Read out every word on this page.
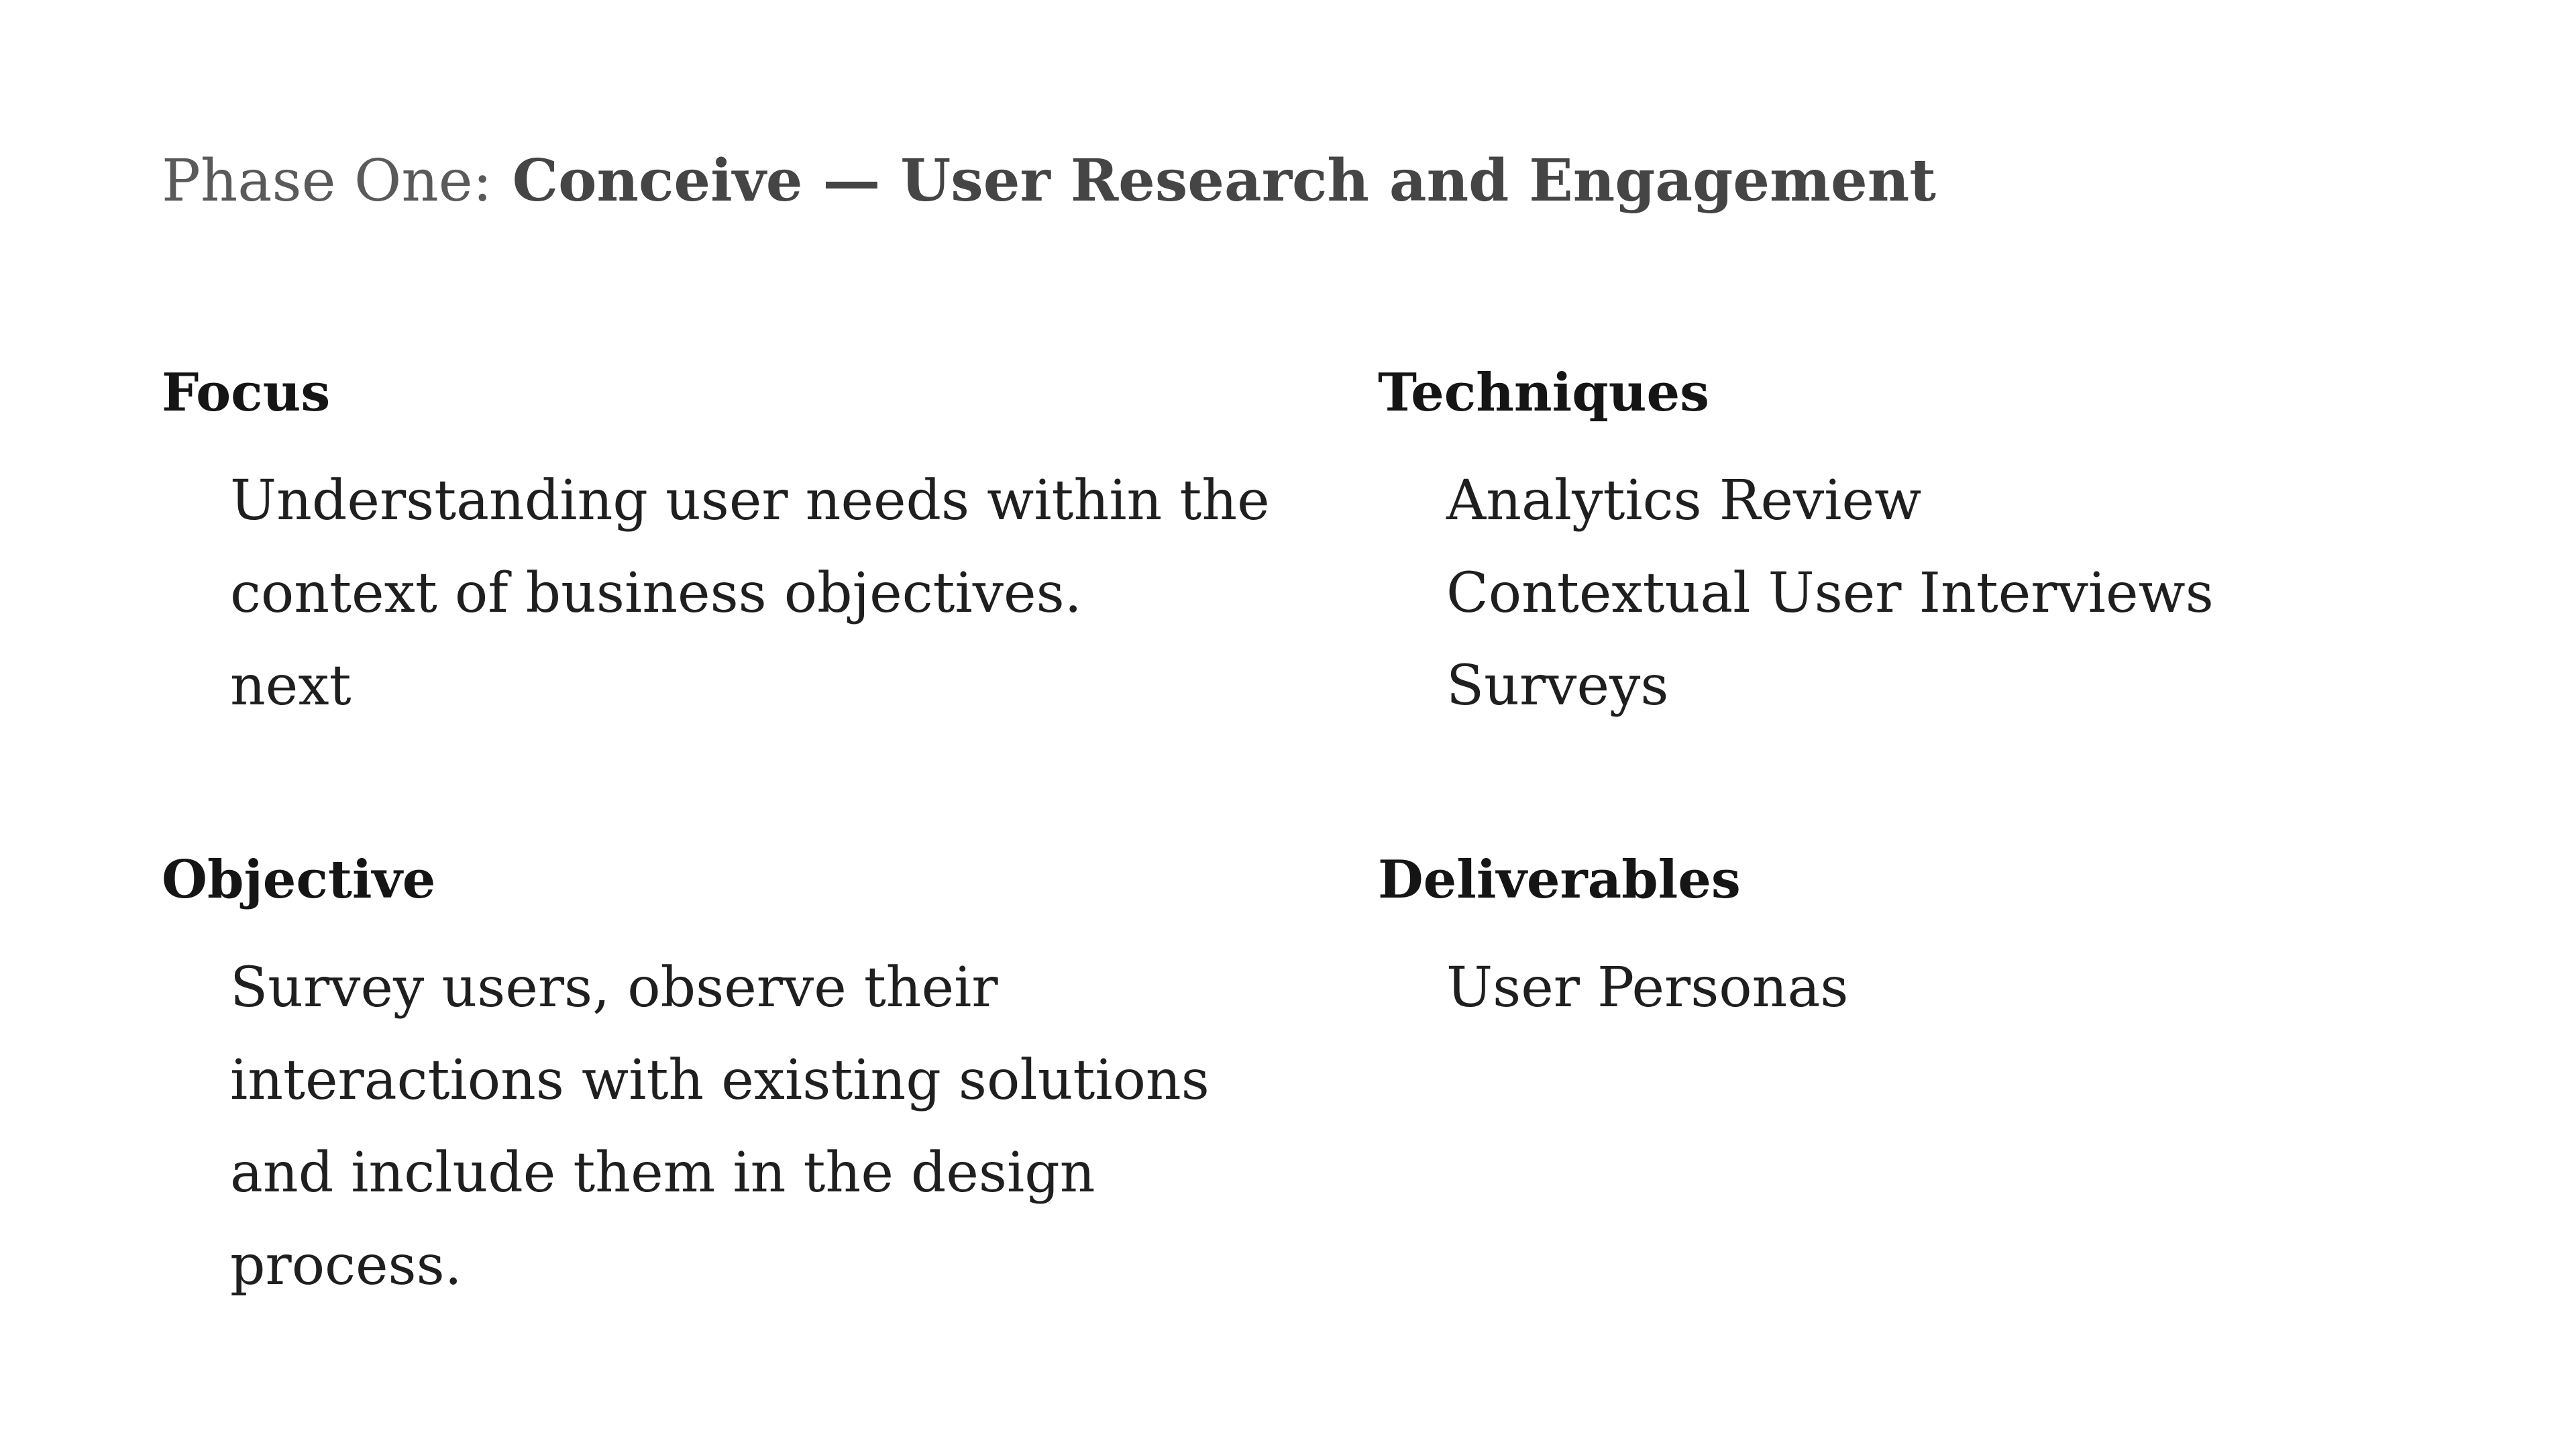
Phase One: Conceive — User Research and Engagement
Focus
Understanding user needs within the
context of business objectives.
next
Techniques
Analytics Review
Contextual User Interviews
Surveys
Objective
Survey users, observe their
interactions with existing solutions
and include them in the design
process.
Deliverables
User Personas
